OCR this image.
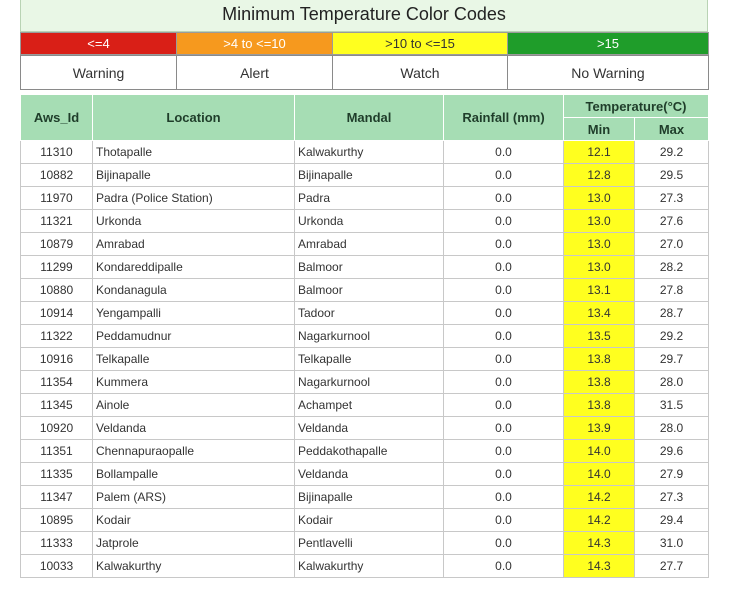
Minimum Temperature Color Codes
<=4	>4 to <=10	>10 to <=15	>15
Warning	Alert	Watch	No Warning
Aws_Id	Location	Mandal	Rainfall (mm)	Temperature(°C)	
				Min	Max
11310	Thotapalle	Kalwakurthy	0.0	12.1	29.2
10882	Bijinapalle	Bijinapalle	0.0	12.8	29.5
11970	Padra (Police Station)	Padra	0.0	13.0	27.3
11321	Urkonda	Urkonda	0.0	13.0	27.6
10879	Amrabad	Amrabad	0.0	13.0	27.0
11299	Kondareddipalle	Balmoor	0.0	13.0	28.2
10880	Kondanagula	Balmoor	0.0	13.1	27.8
10914	Yengampalli	Tadoor	0.0	13.4	28.7
11322	Peddamudnur	Nagarkurnool	0.0	13.5	29.2
10916	Telkapalle	Telkapalle	0.0	13.8	29.7
11354	Kummera	Nagarkurnool	0.0	13.8	28.0
11345	Ainole	Achampet	0.0	13.8	31.5
10920	Veldanda	Veldanda	0.0	13.9	28.0
11351	Chennapuraopalle	Peddakothapalle	0.0	14.0	29.6
11335	Bollampalle	Veldanda	0.0	14.0	27.9
11347	Palem (ARS)	Bijinapalle	0.0	14.2	27.3
10895	Kodair	Kodair	0.0	14.2	29.4
11333	Jatprole	Pentlavelli	0.0	14.3	31.0
10033	Kalwakurthy	Kalwakurthy	0.0	14.3	27.7
